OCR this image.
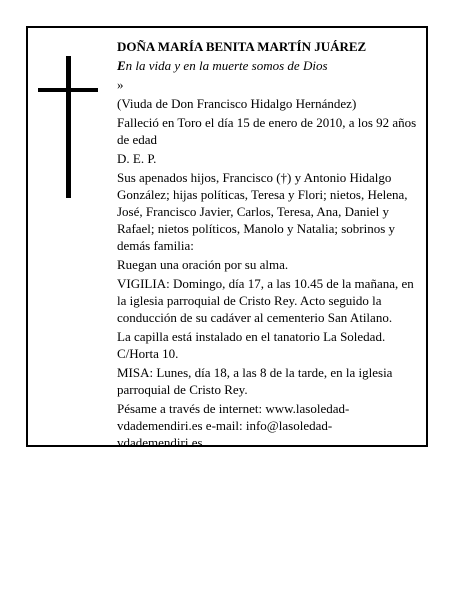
DOÑA MARÍA BENITA MARTÍN JUÁREZ

En la vida y en la muerte somos de Dios

»

(Viuda de Don Francisco Hidalgo Hernández)

Falleció en Toro el día 15 de enero de 2010, a los 92 años de edad

D. E. P.

Sus apenados hijos, Francisco (†) y Antonio Hidalgo González; hijas políticas, Teresa y Flori; nietos, Helena, José, Francisco Javier, Carlos, Teresa, Ana, Daniel y Rafael; nietos políticos, Manolo y Natalia; sobrinos y demás familia:

Ruegan una oración por su alma.

VIGILIA: Domingo, día 17, a las 10.45 de la mañana, en la iglesia parroquial de Cristo Rey. Acto seguido la conducción de su cadáver al cementerio San Atilano.

La capilla está instalado en el tanatorio La Soledad. C/Horta 10.

MISA: Lunes, día 18, a las 8 de la tarde, en la iglesia parroquial de Cristo Rey.

Pésame a través de internet: www.lasoledad-vdademendiri.es e-mail: info@lasoledad-vdademendiri.es
